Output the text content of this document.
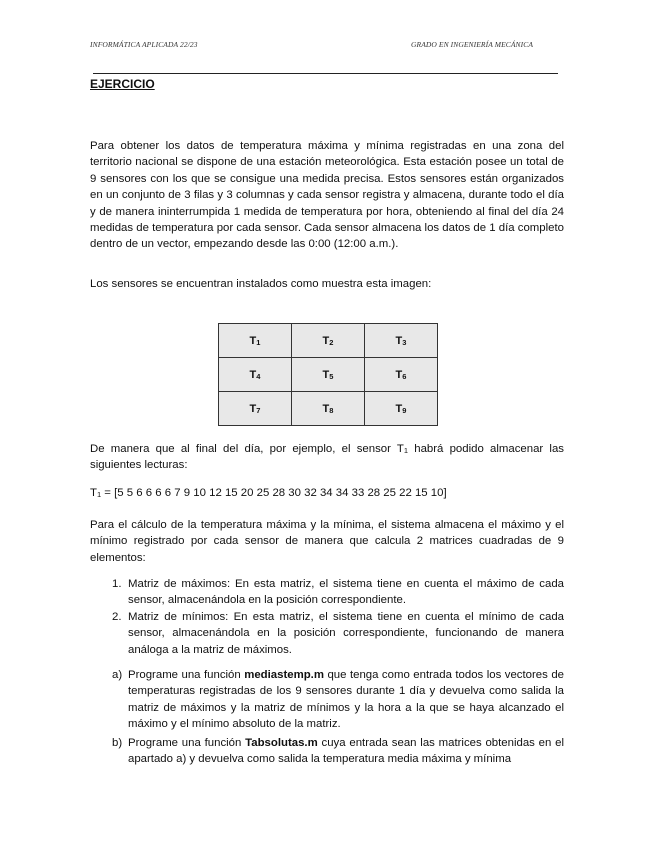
INFORMÁTICA APLICADA 22/23	GRADO EN INGENIERÍA MECÁNICA
EJERCICIO
Para obtener los datos de temperatura máxima y mínima registradas en una zona del territorio nacional se dispone de una estación meteorológica. Esta estación posee un total de 9 sensores con los que se consigue una medida precisa. Estos sensores están organizados en un conjunto de 3 filas y 3 columnas y cada sensor registra y almacena, durante todo el día y de manera ininterrumpida 1 medida de temperatura por hora, obteniendo al final del día 24 medidas de temperatura por cada sensor. Cada sensor almacena los datos de 1 día completo dentro de un vector, empezando desde las 0:00 (12:00 a.m.).
Los sensores se encuentran instalados como muestra esta imagen:
$T_1$	$T_2$	$T_3$
$T_4$	$T_5$	$T_6$
$T_7$	$T_8$	$T_9$
De manera que al final del día, por ejemplo, el sensor $T_1$ habrá podido almacenar las siguientes lecturas:
$T_1 = [5$ 5 6 6 6 6 7 9 10 12 15 20 25 28 30 32 34 34 33 28 25 22 15 10]
Para el cálculo de la temperatura máxima y la mínima, el sistema almacena el máximo y el mínimo registrado por cada sensor de manera que calcula 2 matrices cuadradas de 9 elementos:
1. Matriz de máximos: En esta matriz, el sistema tiene en cuenta el máximo de cada sensor, almacenándola en la posición correspondiente.
2. Matriz de mínimos: En esta matriz, el sistema tiene en cuenta el mínimo de cada sensor, almacenándola en la posición correspondiente, funcionando de manera análoga a la matriz de máximos.
a) Programe una función mediastemp.m que tenga como entrada todos los vectores de temperaturas registradas de los 9 sensores durante 1 día y devuelva como salida la matriz de máximos y la matriz de mínimos y la hora a la que se haya alcanzado el máximo y el mínimo absoluto de la matriz.
b) Programe una función Tabsolutas.m cuya entrada sean las matrices obtenidas en el apartado a) y devuelva como salida la temperatura media máxima y mínima
